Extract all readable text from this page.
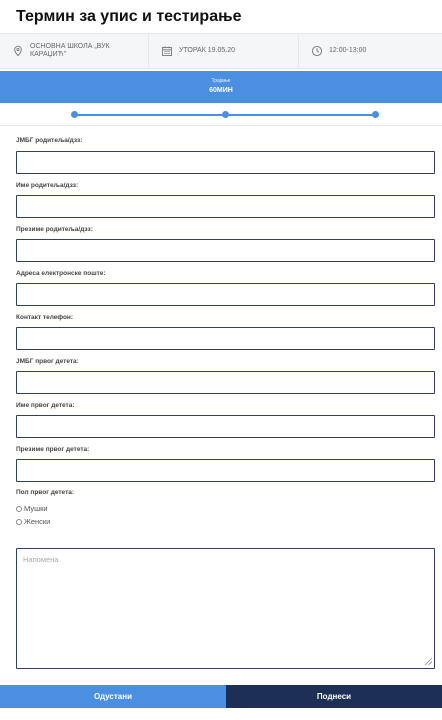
Термин за упис и тестирање
ОСНОВНА ШКОЛА „ВУК
КАРАЏИЋ"
УТОРАК 19.05.20	12:00-13:00
Трајање
60МИН
ЈМБГ родитеља/дзз:
Име родитеља/дзз:
Презиме родитеља/дзз:
Адреса електронске поште:
Контакт телефон:
ЈМБГ првог детета:
Име првог детета:
Презиме првог детета:
Пол првог детета:
Мушки
Женски
Напомена
Одустани	Поднеси
